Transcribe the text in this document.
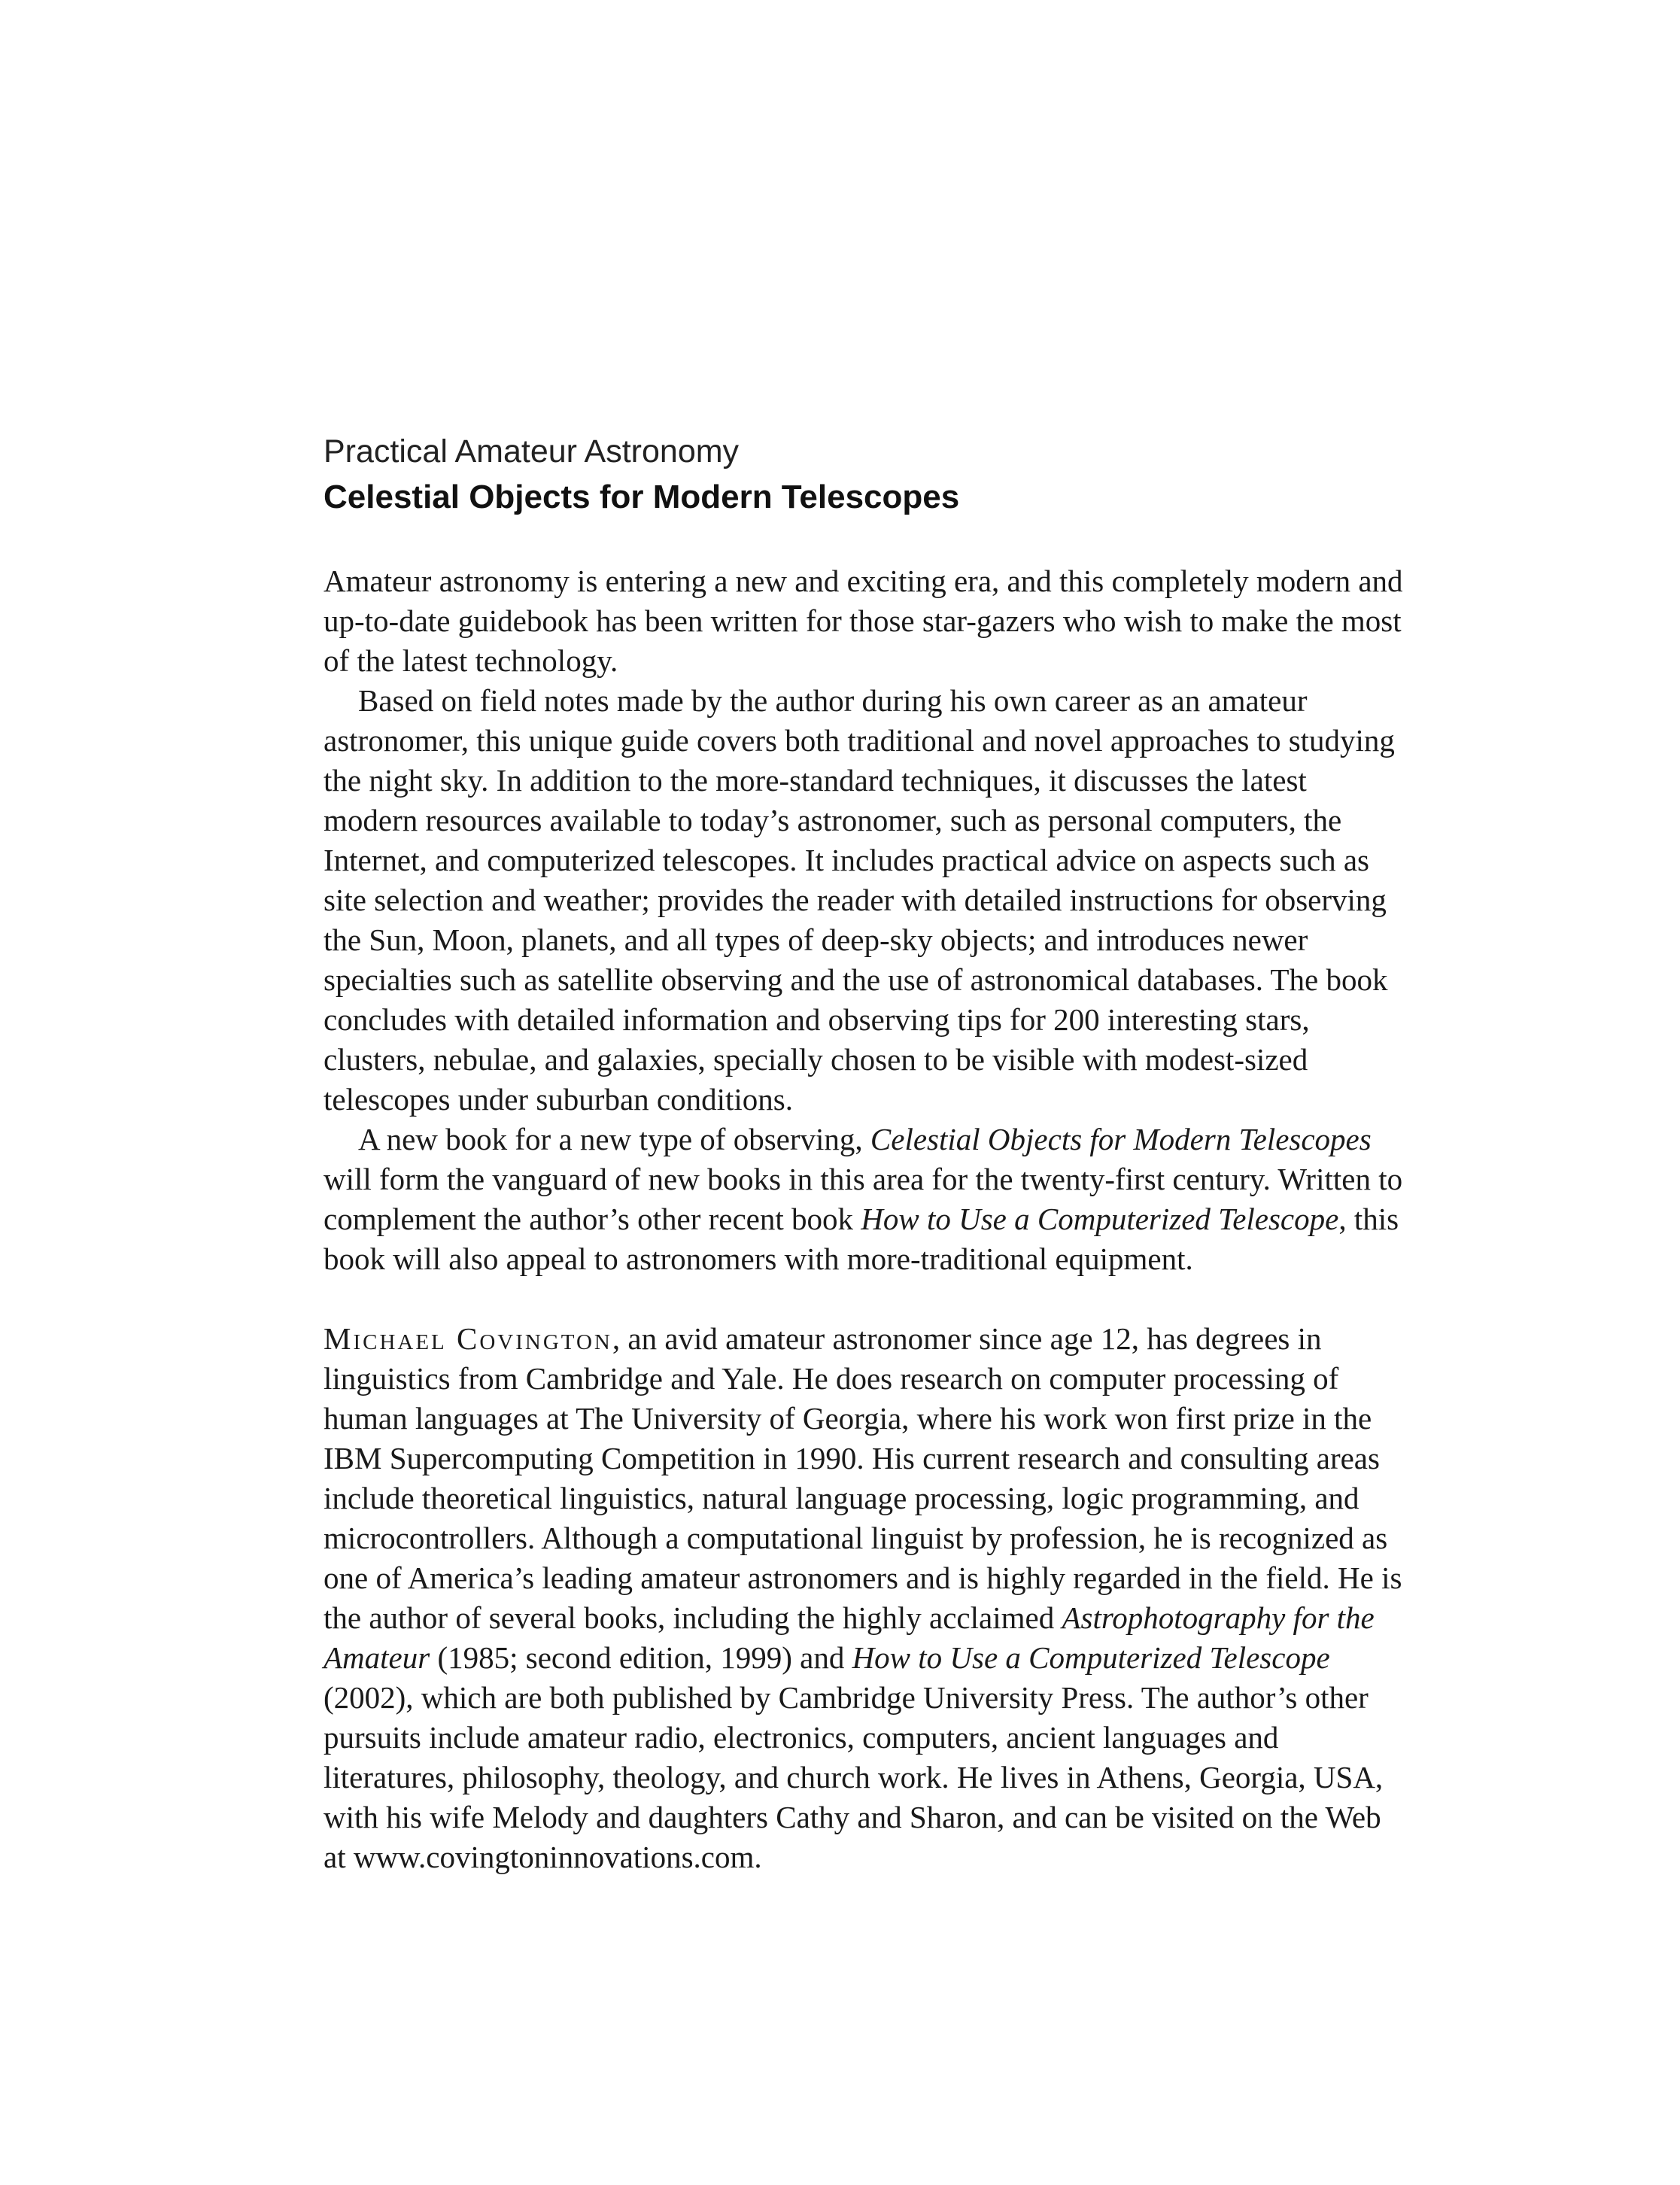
Practical Amateur Astronomy
Celestial Objects for Modern Telescopes

Amateur astronomy is entering a new and exciting era, and this completely modern and up-to-date guidebook has been written for those star-gazers who wish to make the most of the latest technology.

Based on field notes made by the author during his own career as an amateur astronomer, this unique guide covers both traditional and novel approaches to studying the night sky. In addition to the more-standard techniques, it discusses the latest modern resources available to today’s astronomer, such as personal computers, the Internet, and computerized telescopes. It includes practical advice on aspects such as site selection and weather; provides the reader with detailed instructions for observing the Sun, Moon, planets, and all types of deep-sky objects; and introduces newer specialties such as satellite observing and the use of astronomical databases. The book concludes with detailed information and observing tips for 200 interesting stars, clusters, nebulae, and galaxies, specially chosen to be visible with modest-sized telescopes under suburban conditions.

A new book for a new type of observing, Celestial Objects for Modern Telescopes will form the vanguard of new books in this area for the twenty-first century. Written to complement the author’s other recent book How to Use a Computerized Telescope, this book will also appeal to astronomers with more-traditional equipment.

Michael Covington, an avid amateur astronomer since age 12, has degrees in linguistics from Cambridge and Yale. He does research on computer processing of human languages at The University of Georgia, where his work won first prize in the IBM Supercomputing Competition in 1990. His current research and consulting areas include theoretical linguistics, natural language processing, logic programming, and microcontrollers. Although a computational linguist by profession, he is recognized as one of America’s leading amateur astronomers and is highly regarded in the field. He is the author of several books, including the highly acclaimed Astrophotography for the Amateur (1985; second edition, 1999) and How to Use a Computerized Telescope (2002), which are both published by Cambridge University Press. The author’s other pursuits include amateur radio, electronics, computers, ancient languages and literatures, philosophy, theology, and church work. He lives in Athens, Georgia, USA, with his wife Melody and daughters Cathy and Sharon, and can be visited on the Web at www.covingtoninnovations.com.
